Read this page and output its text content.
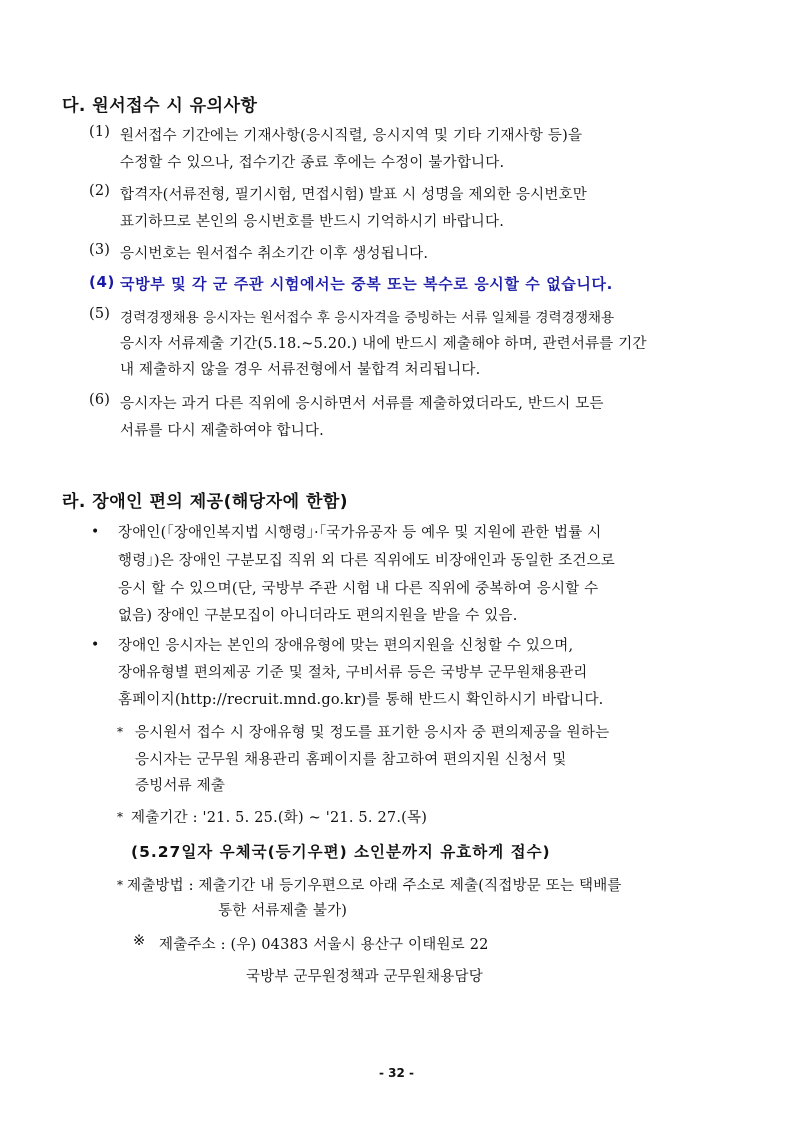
다. 원서접수 시 유의사항
(1) 원서접수 기간에는 기재사항(응시직렬, 응시지역 및 기타 기재사항 등)을
수정할 수 있으나, 접수기간 종료 후에는 수정이 불가합니다.
(2) 합격자(서류전형, 필기시험, 면접시험) 발표 시 성명을 제외한 응시번호만
표기하므로 본인의 응시번호를 반드시 기억하시기 바랍니다.
(3) 응시번호는 원서접수 취소기간 이후 생성됩니다.
(4) 국방부 및 각 군 주관 시험에서는 중복 또는 복수로 응시할 수 없습니다.
(5) 경력경쟁채용 응시자는 원서접수 후 응시자격을 증빙하는 서류 일체를 경력경쟁채용
응시자 서류제출 기간(5.18.~5.20.) 내에 반드시 제출해야 하며, 관련서류를 기간
내 제출하지 않을 경우 서류전형에서 불합격 처리됩니다.
(6) 응시자는 과거 다른 직위에 응시하면서 서류를 제출하였더라도, 반드시 모든
서류를 다시 제출하여야 합니다.
라. 장애인 편의 제공(해당자에 한함)
• 장애인(「장애인복지법 시행령」·「국가유공자 등 예우 및 지원에 관한 법률 시
행령」)은 장애인 구분모집 직위 외 다른 직위에도 비장애인과 동일한 조건으로
응시 할 수 있으며(단, 국방부 주관 시험 내 다른 직위에 중복하여 응시할 수
없음) 장애인 구분모집이 아니더라도 편의지원을 받을 수 있음.
• 장애인 응시자는 본인의 장애유형에 맞는 편의지원을 신청할 수 있으며,
장애유형별 편의제공 기준 및 절차, 구비서류 등은 국방부 군무원채용관리
홈페이지(http://recruit.mnd.go.kr)를 통해 반드시 확인하시기 바랍니다.
* 응시원서 접수 시 장애유형 및 정도를 표기한 응시자 중 편의제공을 원하는
응시자는 군무원 채용관리 홈페이지를 참고하여 편의지원 신청서 및
증빙서류 제출
* 제출기간 : '21. 5. 25.(화) ~ '21. 5. 27.(목)
(5.27일자 우체국(등기우편) 소인분까지 유효하게 접수)
* 제출방법 : 제출기간 내 등기우편으로 아래 주소로 제출(직접방문 또는 택배를
통한 서류제출 불가)
※ 제출주소 : (우) 04383 서울시 용산구 이태원로 22
국방부 군무원정책과 군무원채용담당
- 32 -
